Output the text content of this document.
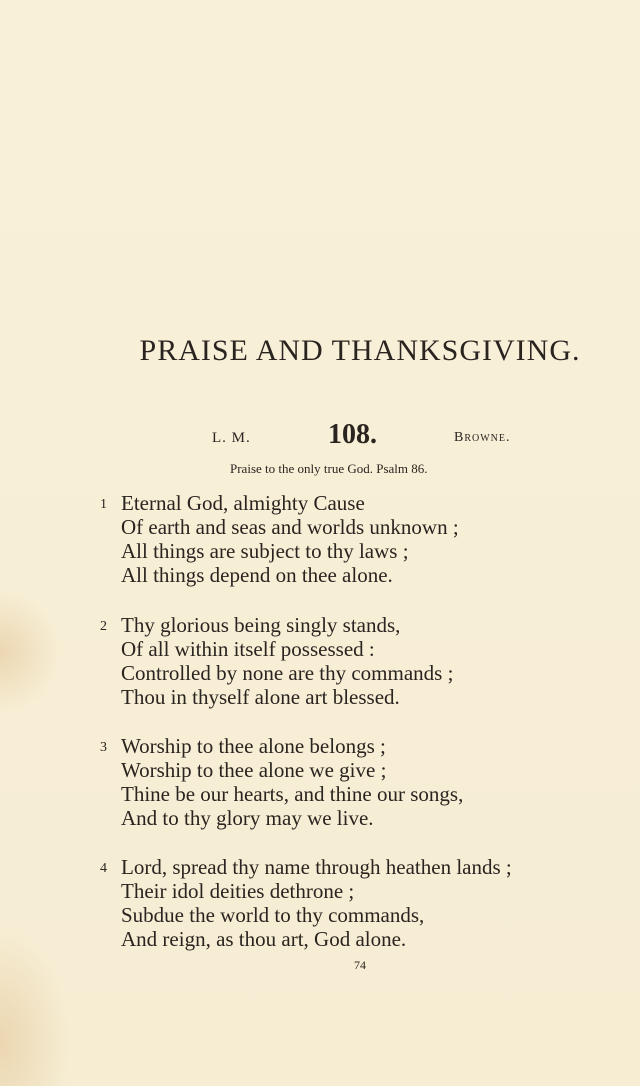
PRAISE AND THANKSGIVING.
L. M.	108.	Browne.
Praise to the only true God. Psalm 86.
1 Eternal God, almighty Cause
Of earth and seas and worlds unknown ;
All things are subject to thy laws ;
All things depend on thee alone.
2 Thy glorious being singly stands,
Of all within itself possessed :
Controlled by none are thy commands ;
Thou in thyself alone art blessed.
3 Worship to thee alone belongs ;
Worship to thee alone we give ;
Thine be our hearts, and thine our songs,
And to thy glory may we live.
4 Lord, spread thy name through heathen lands ;
Their idol deities dethrone ;
Subdue the world to thy commands,
And reign, as thou art, God alone.
74
